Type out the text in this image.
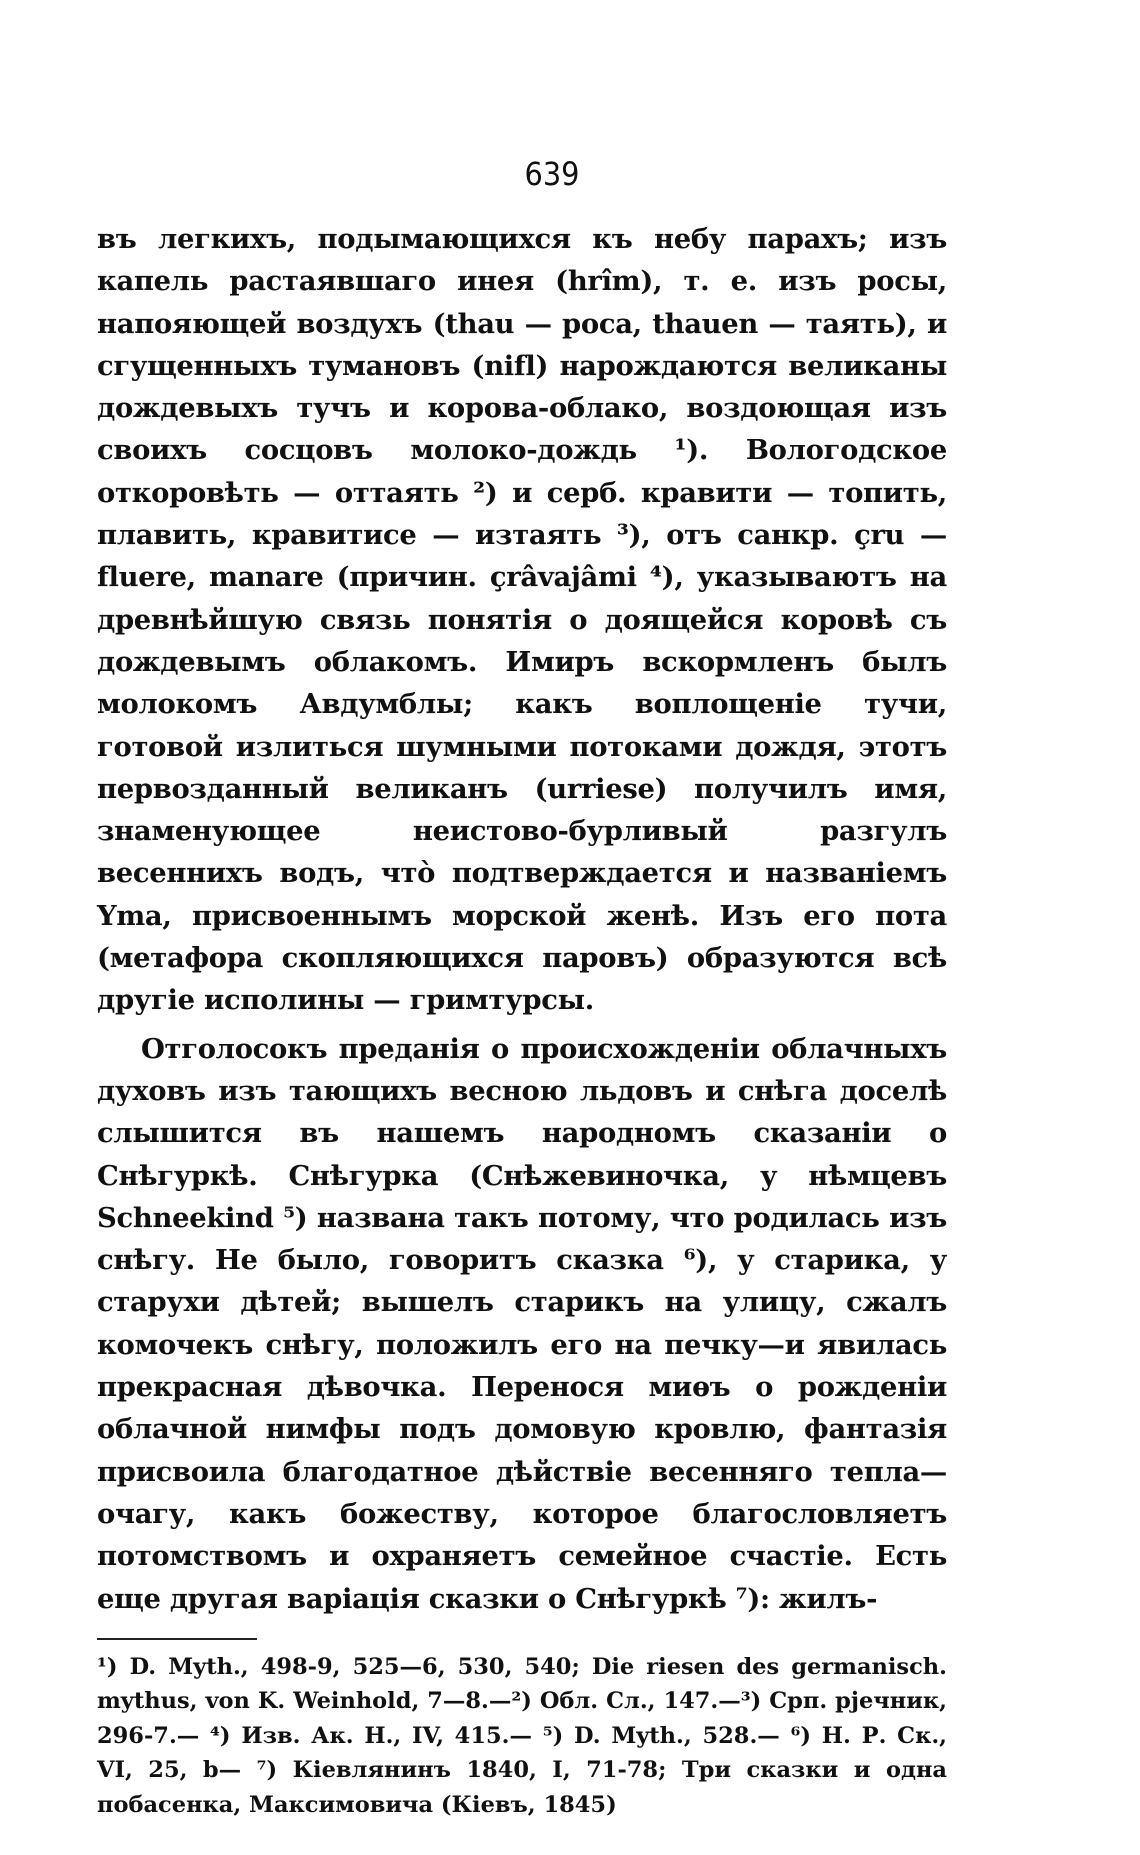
639

въ легкихъ, подымающихся къ небу парахъ; изъ капель растаявшаго инея (hrîm), т. е. изъ росы, напояющей воздухъ (thau — роса, thauen — таять), и сгущенныхъ тумановъ (nifl) нарождаются великаны дождевыхъ тучъ и корова-облако, воздоющая изъ своихъ сосцовъ молоко-дождь ¹). Вологодское откоровѣть — оттаять ²) и серб. кравити — топить, плавить, кравитисе — изтаять ³), отъ санкр. çru — fluere, manare (причин. çrâvajâmi ⁴), указываютъ на древнѣйшую связь понятія о доящейся коровѣ съ дождевымъ облакомъ. Имиръ вскормленъ былъ молокомъ Авдумблы; какъ воплощеніе тучи, готовой излиться шумными потоками дождя, этотъ первозданный великанъ (urriese) получилъ имя, знаменующее неистово-бурливый разгулъ весеннихъ водъ, что̀ подтверждается и названіемъ Yma, присвоеннымъ морской женѣ. Изъ его пота (метафора скопляющихся паровъ) образуются всѣ другіе исполины — гримтурсы.

Отголосокъ преданія о происхожденіи облачныхъ духовъ изъ тающихъ весною льдовъ и снѣга доселѣ слышится въ нашемъ народномъ сказаніи о Снѣгуркѣ. Снѣгурка (Снѣжевиночка, у нѣмцевъ Schneekind ⁵) названа такъ потому, что родилась изъ снѣгу. Не было, говоритъ сказка ⁶), у старика, у старухи дѣтей; вышелъ старикъ на улицу, сжалъ комочекъ снѣгу, положилъ его на печку—и явилась прекрасная дѣвочка. Перенося миѳъ о рожденіи облачной нимфы подъ домовую кровлю, фантазія присвоила благодатное дѣйствіе весенняго тепла—очагу, какъ божеству, которое благословляетъ потомствомъ и охраняетъ семейное счастіе. Есть еще другая варіація сказки о Снѣгуркѣ ⁷): жилъ-

¹) D. Myth., 498-9, 525—6, 530, 540; Die riesen des germanisch. mythus, von K. Weinhold, 7—8.—²) Обл. Сл., 147.—³) Срп. рјечник, 296-7.— ⁴) Изв. Ак. Н., IV, 415.— ⁵) D. Myth., 528.— ⁶) Н. Р. Ск., VI, 25, b— ⁷) Кіевлянинъ 1840, I, 71-78; Три сказки и одна побасенка, Максимовича (Кіевъ, 1845)
